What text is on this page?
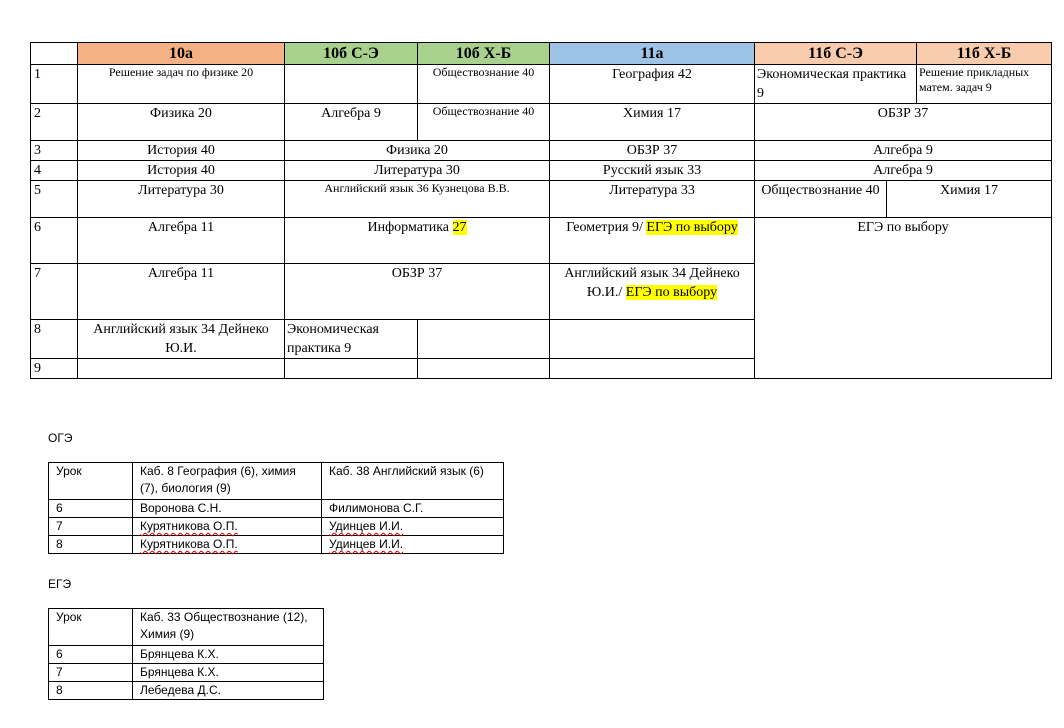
	10а	10б С-Э	10б Х-Б	11а	11б С-Э		11б Х-Б
1	Решение задач по физике 20		Обществознание 40	География 42	Экономическая практика 9		Решение прикладных матем. задач 9
2	Физика 20	Алгебра 9	Обществознание 40	Химия 17	ОБЗР 37		
3	История 40	Физика 20		ОБЗР 37	Алгебра 9		
4	История 40	Литература 30		Русский язык 33	Алгебра 9		
5	Литература 30	Английский язык 36 Кузнецова В.В.		Литература 33	Обществознание 40	Химия 17	
6	Алгебра 11	Информатика 27		Геометрия 9/ ЕГЭ по выбору	ЕГЭ по выбору		
7	Алгебра 11	ОБЗР 37		Английский язык 34 Дейнеко Ю.И./ ЕГЭ по выбору			
8	Английский язык 34 Дейнеко Ю.И.	Экономическая практика 9					
9							
ОГЭ
Урок	Каб. 8 География (6), химия (7), биология (9)	Каб. 38 Английский язык (6)
6	Воронова С.Н.	Филимонова С.Г.
7	Курятникова О.П.	Удинцев И.И.
8	Курятникова О.П.	Удинцев И.И.
ЕГЭ
Урок	Каб. 33 Обществознание (12), Химия (9)
6	Брянцева К.Х.
7	Брянцева К.Х.
8	Лебедева Д.С.
